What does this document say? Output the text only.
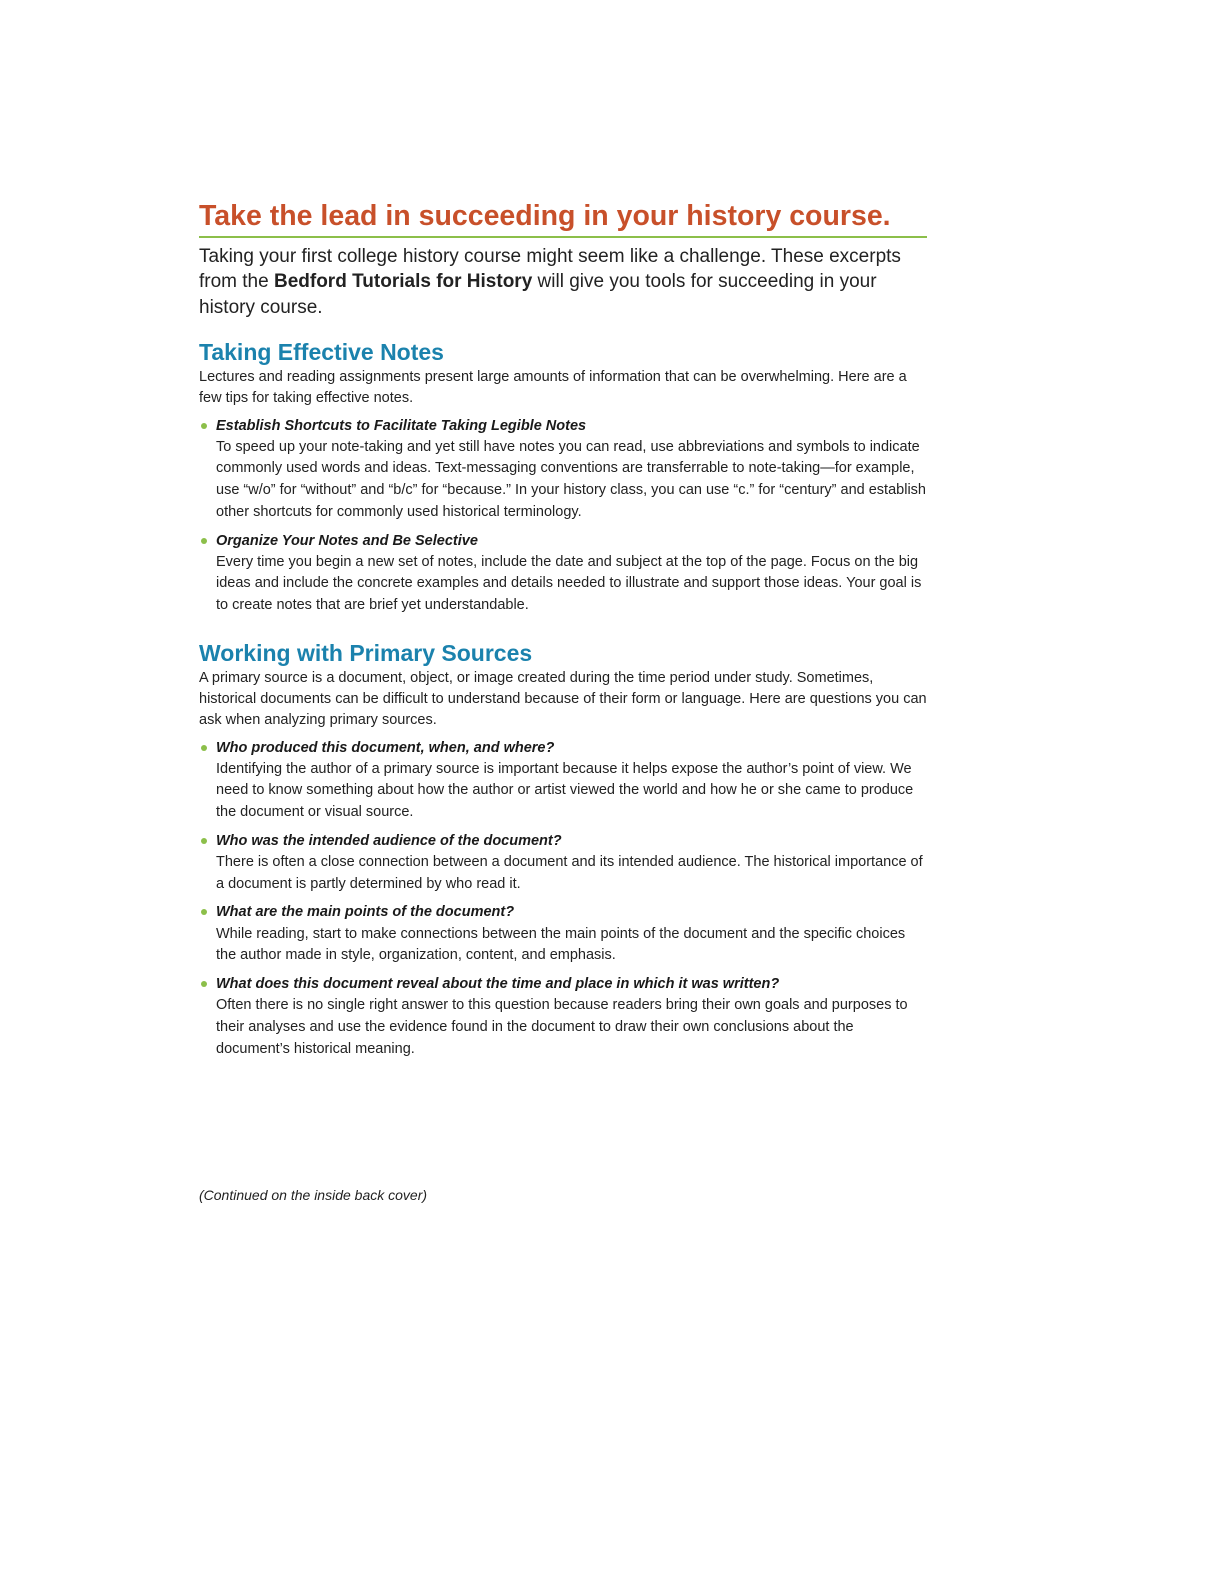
Take the lead in succeeding in your history course.

Taking your first college history course might seem like a challenge. These excerpts from the Bedford Tutorials for History will give you tools for succeeding in your history course.

Taking Effective Notes

Lectures and reading assignments present large amounts of information that can be overwhelming. Here are a few tips for taking effective notes.

Establish Shortcuts to Facilitate Taking Legible Notes
To speed up your note-taking and yet still have notes you can read, use abbreviations and symbols to indicate commonly used words and ideas. Text-messaging conventions are transferrable to note-taking—for example, use “w/o” for “without” and “b/c” for “because.” In your history class, you can use “c.” for “century” and establish other shortcuts for commonly used historical terminology.
Organize Your Notes and Be Selective
Every time you begin a new set of notes, include the date and subject at the top of the page. Focus on the big ideas and include the concrete examples and details needed to illustrate and support those ideas. Your goal is to create notes that are brief yet understandable.
Working with Primary Sources

A primary source is a document, object, or image created during the time period under study. Sometimes, historical documents can be difficult to understand because of their form or language. Here are questions you can ask when analyzing primary sources.

Who produced this document, when, and where?
Identifying the author of a primary source is important because it helps expose the author’s point of view. We need to know something about how the author or artist viewed the world and how he or she came to produce the document or visual source.
Who was the intended audience of the document?
There is often a close connection between a document and its intended audience. The historical importance of a document is partly determined by who read it.
What are the main points of the document?
While reading, start to make connections between the main points of the document and the specific choices the author made in style, organization, content, and emphasis.
What does this document reveal about the time and place in which it was written?
Often there is no single right answer to this question because readers bring their own goals and purposes to their analyses and use the evidence found in the document to draw their own conclusions about the document’s historical meaning.
(Continued on the inside back cover)
